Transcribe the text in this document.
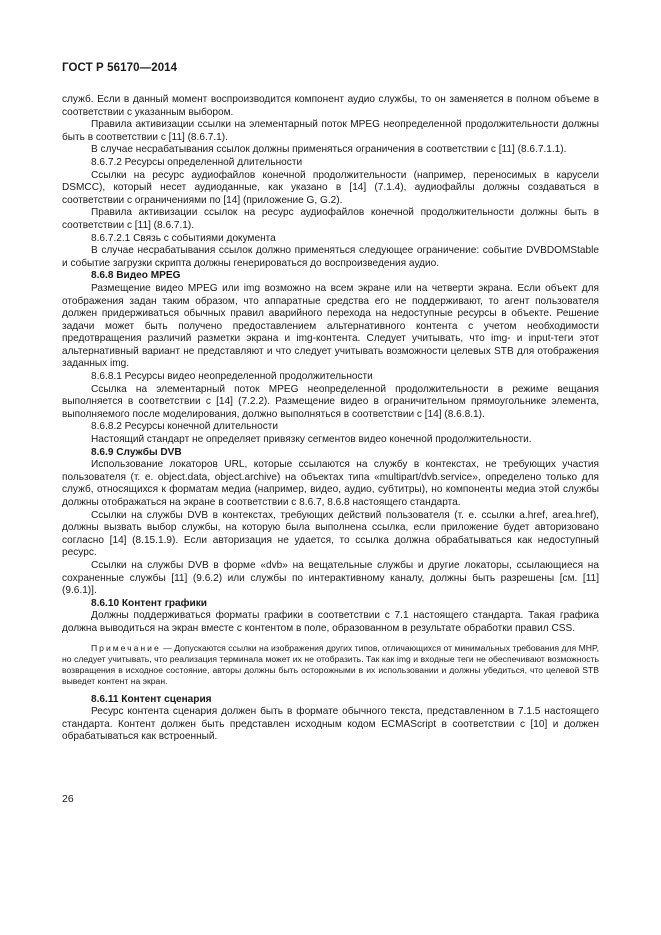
ГОСТ Р 56170—2014

служб. Если в данный момент воспроизводится компонент аудио службы, то он заменяется в полном объеме в соответствии с указанным выбором.

Правила активизации ссылки на элементарный поток MPEG неопределенной продолжительности должны быть в соответствии с [11] (8.6.7.1).

В случае несрабатывания ссылок должны применяться ограничения в соответствии с [11] (8.6.7.1.1).

8.6.7.2 Ресурсы определенной длительности

Ссылки на ресурс аудиофайлов конечной продолжительности (например, переносимых в карусели DSMCC), который несет аудиоданные, как указано в [14] (7.1.4), аудиофайлы должны создаваться в соответствии с ограничениями по [14] (приложение G, G.2).

Правила активизации ссылок на ресурс аудиофайлов конечной продолжительности должны быть в соответствии с [11] (8.6.7.1).

8.6.7.2.1 Связь с событиями документа

В случае несрабатывания ссылок должно применяться следующее ограничение: событие DVBDOMStable и событие загрузки скрипта должны генерироваться до воспроизведения аудио.

8.6.8 Видео MPEG

Размещение видео MPEG или img возможно на всем экране или на четверти экрана. Если объект для отображения задан таким образом, что аппаратные средства его не поддерживают, то агент пользователя должен придерживаться обычных правил аварийного перехода на недоступные ресурсы в объекте. Решение задачи может быть получено предоставлением альтернативного контента с учетом необходимости предотвращения различий разметки экрана и img-контента. Следует учитывать, что img- и input-теги этот альтернативный вариант не представляют и что следует учитывать возможности целевых STB для отображения заданных img.

8.6.8.1 Ресурсы видео неопределенной продолжительности

Ссылка на элементарный поток MPEG неопределенной продолжительности в режиме вещания выполняется в соответствии с [14] (7.2.2). Размещение видео в ограничительном прямоугольнике элемента, выполняемого после моделирования, должно выполняться в соответствии с [14] (8.6.8.1).

8.6.8.2 Ресурсы конечной длительности

Настоящий стандарт не определяет привязку сегментов видео конечной продолжительности.

8.6.9 Службы DVB

Использование локаторов URL, которые ссылаются на службу в контекстах, не требующих участия пользователя (т. е. object.data, object.archive) на объектах типа «multipart/dvb.service», определено только для служб, относящихся к форматам медиа (например, видео, аудио, субтитры), но компоненты медиа этой службы должны отображаться на экране в соответствии с 8.6.7, 8.6.8 настоящего стандарта.

Ссылки на службы DVB в контекстах, требующих действий пользователя (т. е. ссылки a.href, area.href), должны вызвать выбор службы, на которую была выполнена ссылка, если приложение будет авторизовано согласно [14] (8.15.1.9). Если авторизация не удается, то ссылка должна обрабатываться как недоступный ресурс.

Ссылки на службы DVB в форме «dvb» на вещательные службы и другие локаторы, ссылающиеся на сохраненные службы [11] (9.6.2) или службы по интерактивному каналу, должны быть разрешены [см. [11] (9.6.1)].

8.6.10 Контент графики

Должны поддерживаться форматы графики в соответствии с 7.1 настоящего стандарта. Такая графика должна выводиться на экран вместе с контентом в поле, образованном в результате обработки правил CSS.

Примечание — Допускаются ссылки на изображения других типов, отличающихся от минимальных требования для MHP, но следует учитывать, что реализация терминала может их не отобразить. Так как img и входные теги не обеспечивают возможность возвращения в исходное состояние, авторы должны быть осторожными в их использовании и должны убедиться, что целевой STB выведет контент на экран.

8.6.11 Контент сценария

Ресурс контента сценария должен быть в формате обычного текста, представленном в 7.1.5 настоящего стандарта. Контент должен быть представлен исходным кодом ECMAScript в соответствии с [10] и должен обрабатываться как встроенный.

26
